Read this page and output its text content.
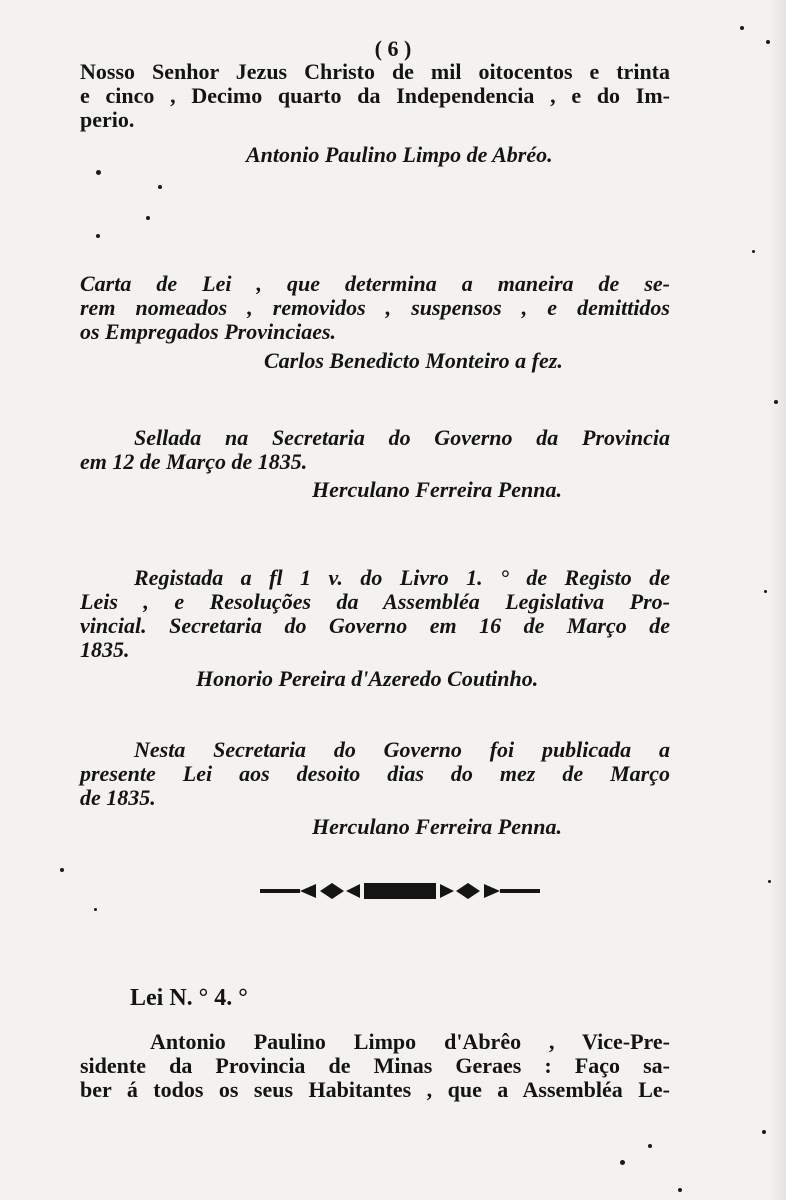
( 6 )
Nosso Senhor Jezus Christo de mil oitocentos e trinta
e cinco , Decimo quarto da Independencia , e do Im-
perio.
Antonio Paulino Limpo de Abréo.
Carta de Lei , que determina a maneira de se-
rem nomeados , removidos , suspensos , e demittidos
os Empregados Provinciaes.
Carlos Benedicto Monteiro a fez.
Sellada na Secretaria do Governo da Provincia
em 12 de Março de 1835.
Herculano Ferreira Penna.
Registada a fl 1 v. do Livro 1. ° de Registo de
Leis , e Resoluções da Assembléa Legislativa Pro-
vincial. Secretaria do Governo em 16 de Março de
1835.
Honorio Pereira d'Azeredo Coutinho.
Nesta Secretaria do Governo foi publicada a
presente Lei aos desoito dias do mez de Março
de 1835.
Herculano Ferreira Penna.
Lei N. ° 4. °
Antonio Paulino Limpo d'Abrêo , Vice-Pre-
sidente da Provincia de Minas Geraes : Faço sa-
ber á todos os seus Habitantes , que a Assembléa Le-
